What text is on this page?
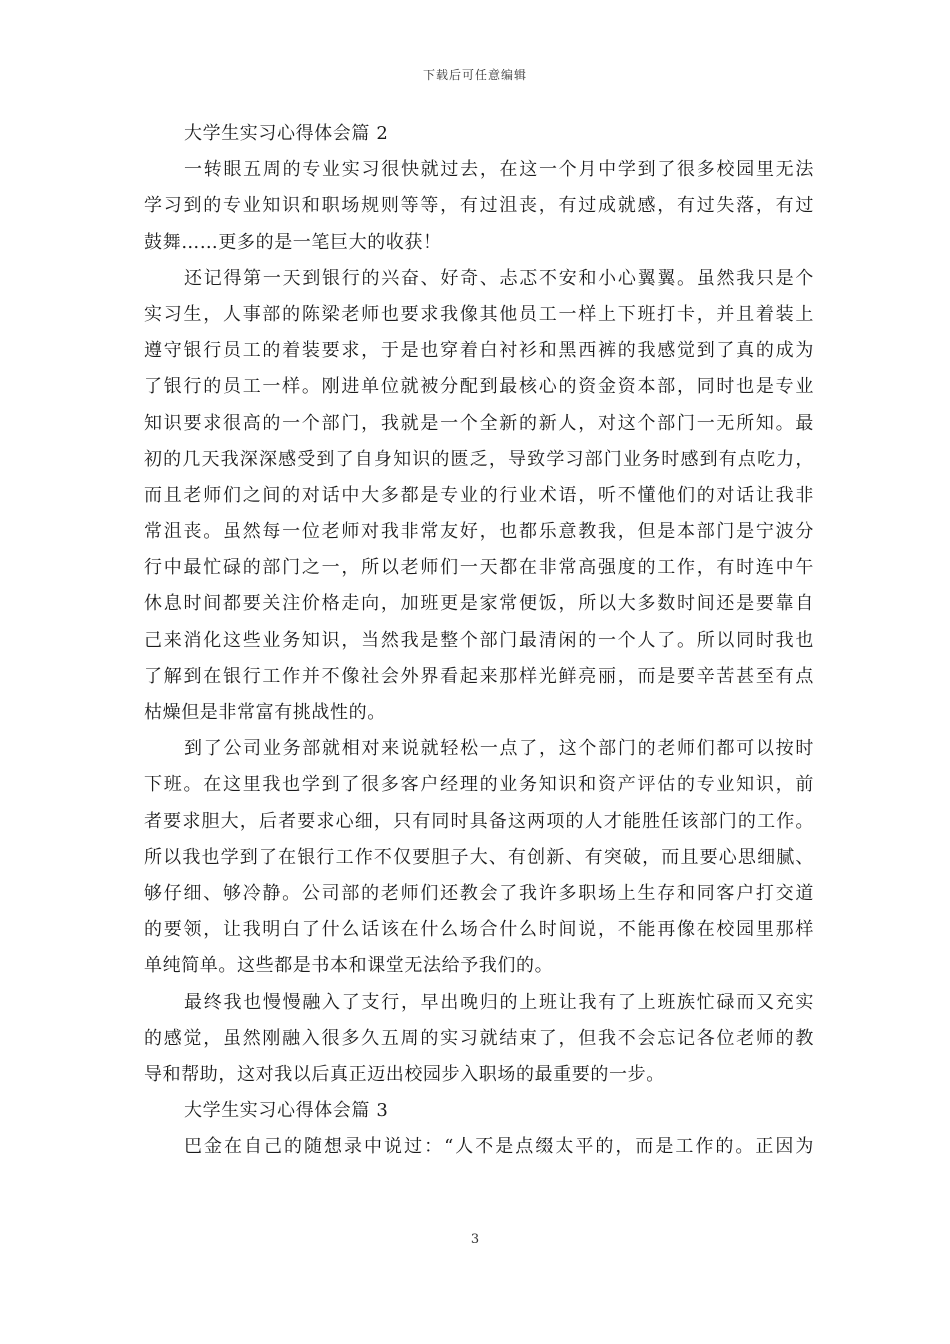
下载后可任意编辑
大学生实习心得体会篇 2
一转眼五周的专业实习很快就过去，在这一个月中学到了很多校园里无法
学习到的专业知识和职场规则等等，有过沮丧，有过成就感，有过失落，有过
鼓舞……更多的是一笔巨大的收获！
还记得第一天到银行的兴奋、好奇、忐忑不安和小心翼翼。虽然我只是个
实习生，人事部的陈梁老师也要求我像其他员工一样上下班打卡，并且着装上
遵守银行员工的着装要求，于是也穿着白衬衫和黑西裤的我感觉到了真的成为
了银行的员工一样。刚进单位就被分配到最核心的资金资本部，同时也是专业
知识要求很高的一个部门，我就是一个全新的新人，对这个部门一无所知。最
初的几天我深深感受到了自身知识的匮乏，导致学习部门业务时感到有点吃力，
而且老师们之间的对话中大多都是专业的行业术语，听不懂他们的对话让我非
常沮丧。虽然每一位老师对我非常友好，也都乐意教我，但是本部门是宁波分
行中最忙碌的部门之一，所以老师们一天都在非常高强度的工作，有时连中午
休息时间都要关注价格走向，加班更是家常便饭，所以大多数时间还是要靠自
己来消化这些业务知识，当然我是整个部门最清闲的一个人了。所以同时我也
了解到在银行工作并不像社会外界看起来那样光鲜亮丽，而是要辛苦甚至有点
枯燥但是非常富有挑战性的。
到了公司业务部就相对来说就轻松一点了，这个部门的老师们都可以按时
下班。在这里我也学到了很多客户经理的业务知识和资产评估的专业知识，前
者要求胆大，后者要求心细，只有同时具备这两项的人才能胜任该部门的工作。
所以我也学到了在银行工作不仅要胆子大、有创新、有突破，而且要心思细腻、
够仔细、够冷静。公司部的老师们还教会了我许多职场上生存和同客户打交道
的要领，让我明白了什么话该在什么场合什么时间说，不能再像在校园里那样
单纯简单。这些都是书本和课堂无法给予我们的。
最终我也慢慢融入了支行，早出晚归的上班让我有了上班族忙碌而又充实
的感觉，虽然刚融入很多久五周的实习就结束了，但我不会忘记各位老师的教
导和帮助，这对我以后真正迈出校园步入职场的最重要的一步。
大学生实习心得体会篇 3
巴金在自己的随想录中说过：“人不是点缀太平的，而是工作的。正因为
3
